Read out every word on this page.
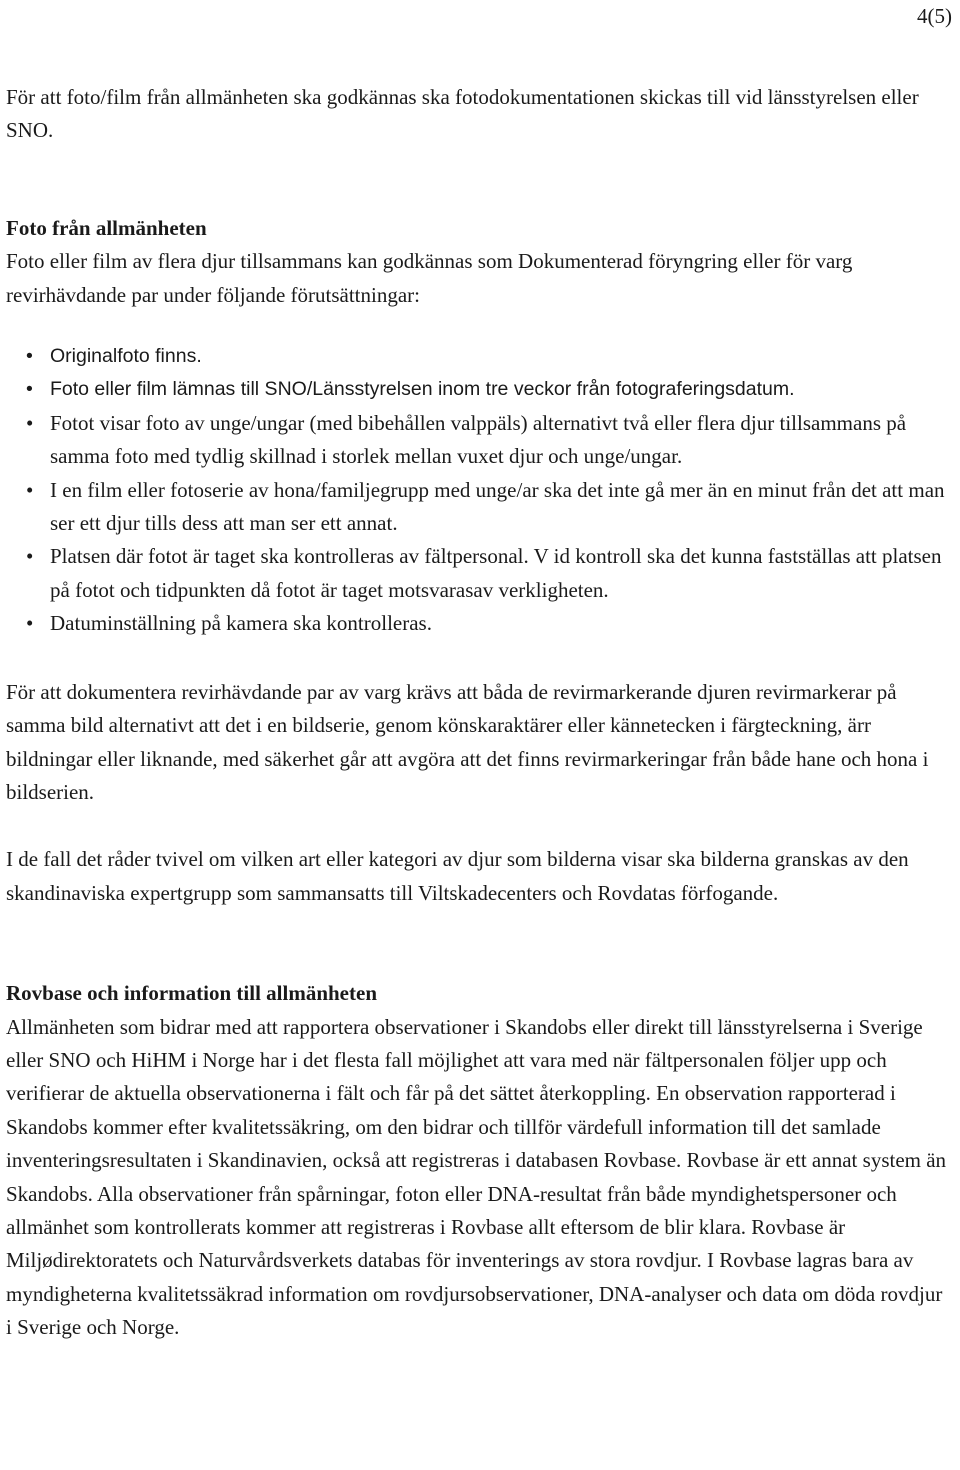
4(5)

För att foto/film från allmänheten ska godkännas ska fotodokumentationen skickas till vid länsstyrelsen eller SNO.

Foto från allmänheten

Foto eller film av flera djur tillsammans kan godkännas som Dokumenterad föryngring eller för varg revirhävdande par under följande förutsättningar:

• Originalfoto finns.
• Foto eller film lämnas till SNO/Länsstyrelsen inom tre veckor från fotograferingsdatum.
• Fotot visar foto av unge/ungar (med bibehållen valppäls) alternativt två eller flera djur tillsammans på samma foto med tydlig skillnad i storlek mellan vuxet djur och unge/ungar.
• I en film eller fotoserie av hona/familjegrupp med unge/ar ska det inte gå mer än en minut från det att man ser ett djur tills dess att man ser ett annat.
• Platsen där fotot är taget ska kontrolleras av fältpersonal. V id kontroll ska det kunna fastställas att platsen på fotot och tidpunkten då fotot är taget motsvarasav verkligheten.
• Datuminställning på kamera ska kontrolleras.

För att dokumentera revirhävdande par av varg krävs att båda de revirmarkerande djuren revirmarkerar på samma bild alternativt att det i en bildserie, genom könskaraktärer eller kännetecken i färgteckning, ärr bildningar eller liknande, med säkerhet går att avgöra att det finns revirmarkeringar från både hane och hona i bildserien.

I de fall det råder tvivel om vilken art eller kategori av djur som bilderna visar ska bilderna granskas av den skandinaviska expertgrupp som sammansatts till Viltskadecenters och Rovdatas förfogande.

Rovbase och information till allmänheten

Allmänheten som bidrar med att rapportera observationer i Skandobs eller direkt till länsstyrelserna i Sverige eller SNO och HiHM i Norge har i det flesta fall möjlighet att vara med när fältpersonalen följer upp och verifierar de aktuella observationerna i fält och får på det sättet återkoppling. En observation rapporterad i Skandobs kommer efter kvalitetssäkring, om den bidrar och tillför värdefull information till det samlade inventeringsresultaten i Skandinavien, också att registreras i databasen Rovbase. Rovbase är ett annat system än Skandobs. Alla observationer från spårningar, foton eller DNA-resultat från både myndighetspersoner och allmänhet som kontrollerats kommer att registreras i Rovbase allt eftersom de blir klara. Rovbase är Miljødirektoratets och Naturvårdsverkets databas för inventerings av stora rovdjur. I Rovbase lagras bara av myndigheterna kvalitetssäkrad information om rovdjursobservationer, DNA-analyser och data om döda rovdjur i Sverige och Norge.
